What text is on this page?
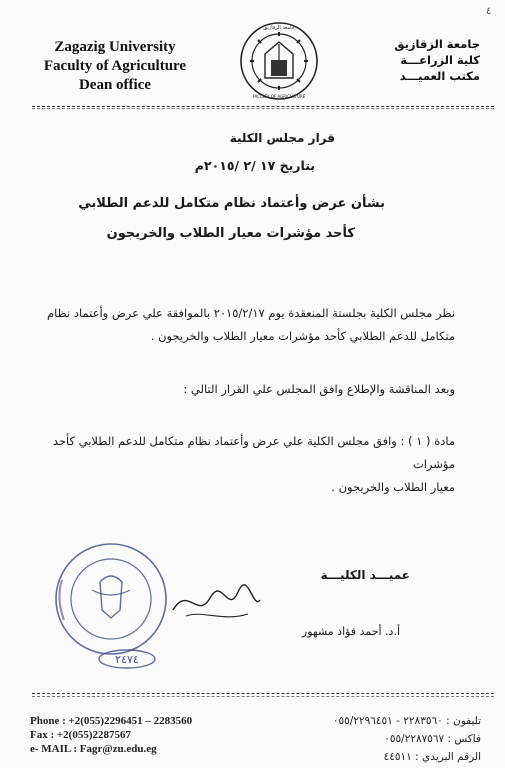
٤
Zagazig University
Faculty of Agriculture
Dean office
جامعة الزقازيق
FACULTY OF AGRICULTURE
جامعة الزقازيق
كلية الزراعـــة
مكتب العميـــد
قرار مجلس الكلية
بتاريخ ١٧ /٢ /٢٠١٥م
بشأن عرض وأعتماد نظام متكامل للدعم الطلابي
كأحد مؤشرات معيار الطلاب والخريجون
نظر مجلس الكلية بجلستة المنعقدة يوم ٢٠١٥/٢/١٧ بالموافقة علي عرض وأعتماد نظام
متكامل للدعم الطلابي كأحد مؤشرات معيار الطلاب والخريجون .
وبعد المناقشة والإطلاع وافق المجلس علي القرار التالي :
مادة ( ١ ) : وافق مجلس الكلية علي عرض وأعتماد نظام متكامل للدعم الطلابي كأحد مؤشرات
معيار الطلاب والخريجون .
٢٤٧٤
عميـــد الكليـــة
أ.د. أحمد فؤاد مشهور
Phone : +2(055)2296451 – 2283560
Fax : +2(055)2287567
e- MAIL : Fagr@zu.edu.eg
تليفون : ٢٢٨٣٥٦٠ - ٠٥٥/٢٢٩٦٤٥١
فاكس : ٠٥٥/٢٢٨٧٥٦٧
الرقم البريدي : ٤٤٥١١
